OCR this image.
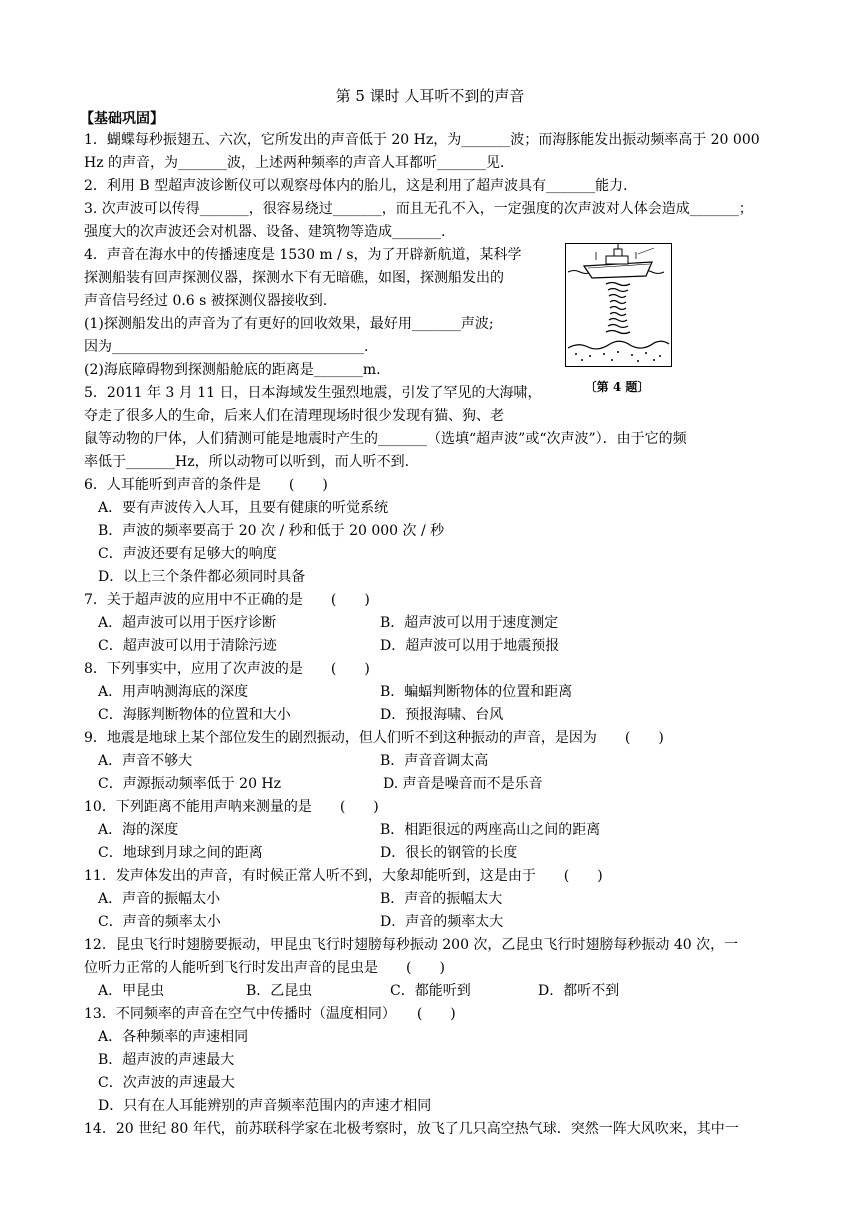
第 5 课时 人耳听不到的声音
【基础巩固】
1．蝴蝶每秒振翅五、六次，它所发出的声音低于 20 Hz，为_______波；而海豚能发出振动频率高于 20 000
Hz 的声音，为_______波，上述两种频率的声音人耳都听_______见．
2．利用 B 型超声波诊断仪可以观察母体内的胎儿，这是利用了超声波具有_______能力．
3. 次声波可以传得_______，很容易绕过_______，而且无孔不入，一定强度的次声波对人体会造成_______；
强度大的次声波还会对机器、设备、建筑物等造成_______.
4．声音在海水中的传播速度是 1530 m / s，为了开辟新航道，某科学
探测船装有回声探测仪器，探测水下有无暗礁，如图，探测船发出的
声音信号经过 0.6 s 被探测仪器接收到.
(1)探测船发出的声音为了有更好的回收效果，最好用_______声波;
因为____________________________________.
(2)海底障碍物到探测船舱底的距离是_______m.
〔第 4 题〕
5．2011 年 3 月 11 日，日本海域发生强烈地震，引发了罕见的大海啸，
夺走了很多人的生命，后来人们在清理现场时很少发现有猫、狗、老
鼠等动物的尸体，人们猜测可能是地震时产生的_______（选填“超声波”或“次声波”）．由于它的频
率低于_______Hz，所以动物可以听到，而人听不到.
6．人耳能听到声音的条件是　　(　　)
A．要有声波传入人耳，且要有健康的听觉系统
B．声波的频率要高于 20 次 / 秒和低于 20 000 次 / 秒
C．声波还要有足够大的响度
D．以上三个条件都必须同时具备
7．关于超声波的应用中不正确的是　　(　　)
A．超声波可以用于医疗诊断	B．超声波可以用于速度测定
C．超声波可以用于清除污迹	D．超声波可以用于地震预报
8．下列事实中，应用了次声波的是　　(　　)
A．用声呐测海底的深度	B．蝙蝠判断物体的位置和距离
C．海豚判断物体的位置和大小	D．预报海啸、台风
9．地震是地球上某个部位发生的剧烈振动，但人们听不到这种振动的声音，是因为　　(　　)
A．声音不够大	B．声音音调太高
C．声源振动频率低于 20 Hz	D. 声音是噪音而不是乐音
10．下列距离不能用声呐来测量的是　　(　　)
A．海的深度	B．相距很远的两座高山之间的距离
C．地球到月球之间的距离	D．很长的钢管的长度
11．发声体发出的声音，有时候正常人听不到，大象却能听到，这是由于　　(　　)
A．声音的振幅太小	B．声音的振幅太大
C．声音的频率太小	D．声音的频率太大
12．昆虫飞行时翅膀要振动，甲昆虫飞行时翅膀每秒振动 200 次，乙昆虫飞行时翅膀每秒振动 40 次，一
位听力正常的人能听到飞行时发出声音的昆虫是　　(　　)
A．甲昆虫	B．乙昆虫	C．都能听到	D．都听不到
13．不同频率的声音在空气中传播时（温度相同）　　(　　)
A．各种频率的声速相同
B．超声波的声速最大
C．次声波的声速最大
D．只有在人耳能辨别的声音频率范围内的声速才相同
14．20 世纪 80 年代，前苏联科学家在北极考察时，放飞了几只高空热气球．突然一阵大风吹来，其中一
